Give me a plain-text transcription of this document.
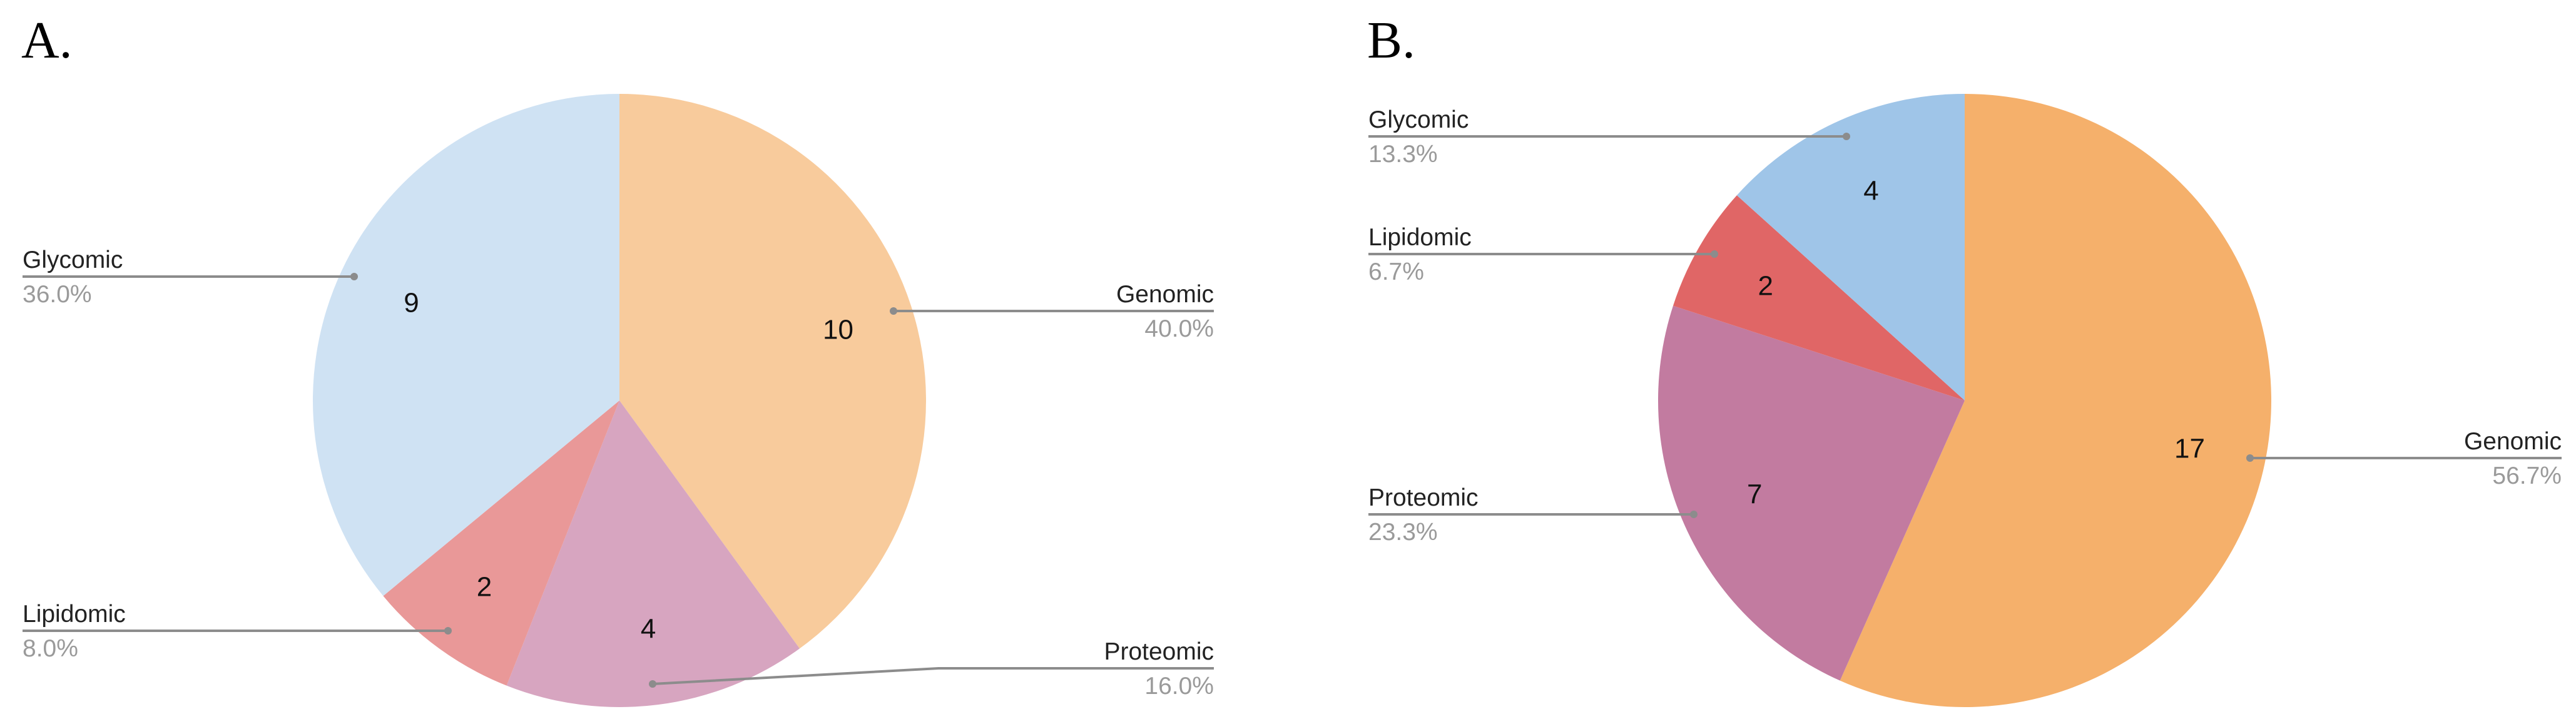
A.
10
4
2
9	Genomic
40.0%
Proteomic
16.0%
Lipidomic
8.0%
Glycomic
36.0%
B.
17
7
2
4
Genomic
56.7%
Proteomic
23.3%
Lipidomic
6.7%
Glycomic
13.3%
